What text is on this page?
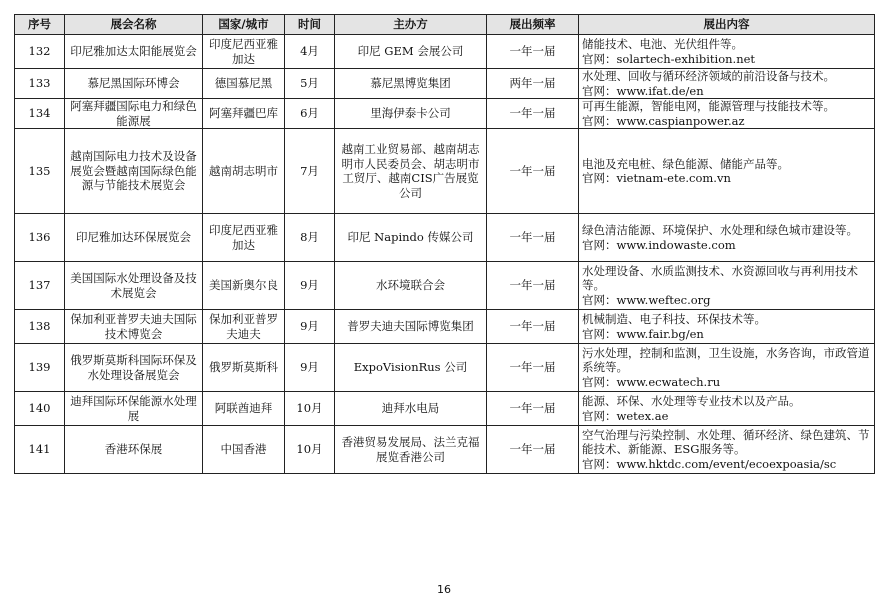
序号	展会名称	国家/城市	时间	主办方	展出频率	展出内容
132	印尼雅加达太阳能展览会	印度尼西亚雅加达	4月	印尼 GEM 会展公司	一年一届	储能技术、电池、光伏组件等。
官网：solartech-exhibition.net

133	慕尼黑国际环博会	德国慕尼黑	5月	慕尼黑博览集团	两年一届	水处理、回收与循环经济领域的前沿设备与技术。
官网：www.ifat.de/en

134	阿塞拜疆国际电力和绿色能源展	阿塞拜疆巴库	6月	里海伊泰卡公司	一年一届	可再生能源，智能电网，能源管理与技能技术等。
官网：www.caspianpower.az

135	越南国际电力技术及设备展览会暨越南国际绿色能源与节能技术展览会	越南胡志明市	7月	越南工业贸易部、越南胡志明市人民委员会、胡志明市工贸厅、越南CIS广告展览公司	一年一届	电池及充电桩、绿色能源、储能产品等。
官网：vietnam-ete.com.vn

136	印尼雅加达环保展览会	印度尼西亚雅加达	8月	印尼 Napindo 传媒公司	一年一届	绿色清洁能源、环境保护、水处理和绿色城市建设等。
官网：www.indowaste.com

137	美国国际水处理设备及技术展览会	美国新奥尔良	9月	水环境联合会	一年一届	水处理设备、水质监测技术、水资源回收与再利用技术等。
官网：www.weftec.org

138	保加利亚普罗夫迪夫国际技术博览会	保加利亚普罗夫迪夫	9月	普罗夫迪夫国际博览集团	一年一届	机械制造、电子科技、环保技术等。
官网：www.fair.bg/en

139	俄罗斯莫斯科国际环保及水处理设备展览会	俄罗斯莫斯科	9月	ExpoVisionRus 公司	一年一届	污水处理，控制和监测，卫生设施，水务咨询，市政管道系统等。
官网：www.ecwatech.ru

140	迪拜国际环保能源水处理展	阿联酋迪拜	10月	迪拜水电局	一年一届	能源、环保、水处理等专业技术以及产品。
官网：wetex.ae

141	香港环保展	中国香港	10月	香港贸易发展局、法兰克福展览香港公司	一年一届	空气治理与污染控制、水处理、循环经济、绿色建筑、节能技术、新能源、ESG服务等。
官网：www.hktdc.com/event/ecoexpoasia/sc
16
